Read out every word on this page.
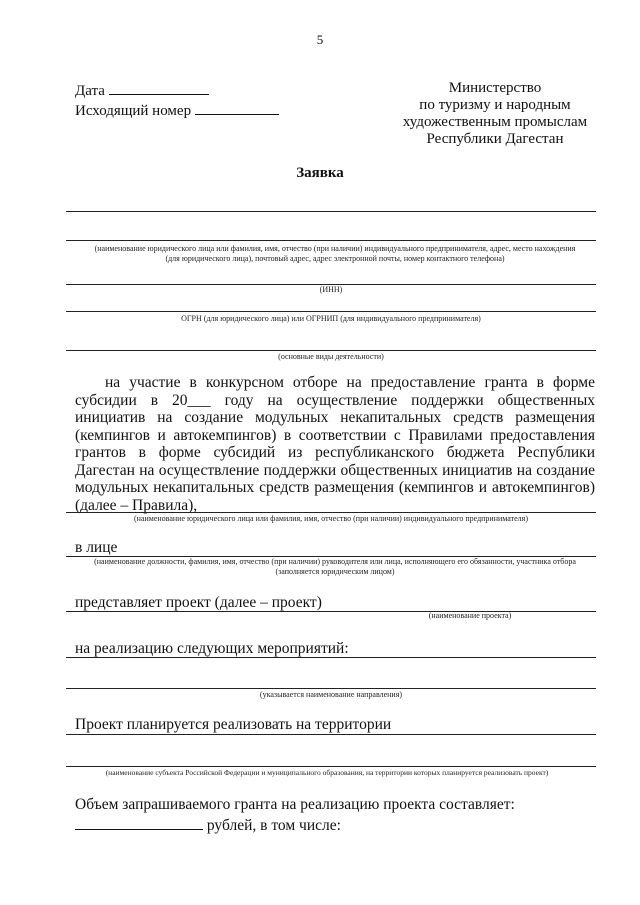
5
Дата
Исходящий номер
Министерство
по туризму и народным
художественным промыслам
Республики Дагестан
Заявка
(наименование юридического лица или фамилия, имя, отчество (при наличии) индивидуального предпринимателя, адрес, место нахождения (для юридического лица), почтовый адрес, адрес электронной почты, номер контактного телефона)
(ИНН)
ОГРН (для юридического лица) или ОГРНИП (для индивидуального предпринимателя)
(основные виды деятельности)
на участие в конкурсном отборе на предоставление гранта в форме субсидии в 20___ году на осуществление поддержки общественных инициатив на создание модульных некапитальных средств размещения (кемпингов и автокемпингов) в соответствии с Правилами предоставления грантов в форме субсидий из республиканского бюджета Республики Дагестан на осуществление поддержки общественных инициатив на создание модульных некапитальных средств размещения (кемпингов и автокемпингов) (далее – Правила),
(наименование юридического лица или фамилия, имя, отчество (при наличии) индивидуального предпринимателя)
в лице
(наименование должности, фамилия, имя, отчество (при наличии) руководителя или лица, исполняющего его обязанности, участника отбора (заполняется юридическим лицом)
представляет проект (далее – проект)
(наименование проекта)
на реализацию следующих мероприятий:
(указывается наименование направления)
Проект планируется реализовать на территории
(наименование субъекта Российской Федерации и муниципального образования, на территории которых планируется реализовать проект)
Объем запрашиваемого гранта на реализацию проекта составляет:
рублей, в том числе:
